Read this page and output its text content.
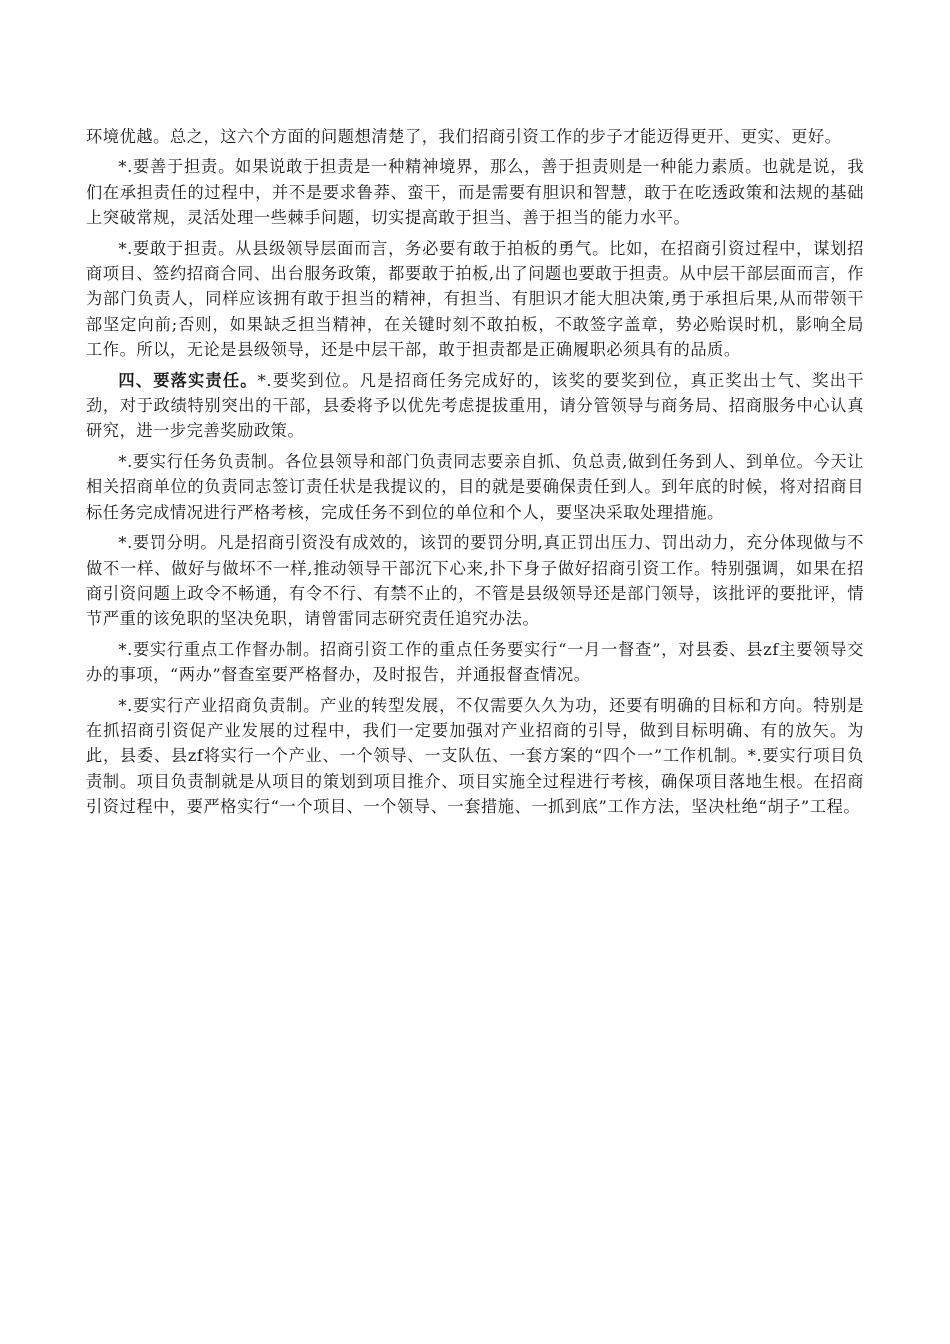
环境优越。总之，这六个方面的问题想清楚了，我们招商引资工作的步子才能迈得更开、更实、更好。

*.要善于担责。如果说敢于担责是一种精神境界，那么，善于担责则是一种能力素质。也就是说，我们在承担责任的过程中，并不是要求鲁莽、蛮干，而是需要有胆识和智慧，敢于在吃透政策和法规的基础上突破常规，灵活处理一些棘手问题，切实提高敢于担当、善于担当的能力水平。

*.要敢于担责。从县级领导层面而言，务必要有敢于拍板的勇气。比如，在招商引资过程中，谋划招商项目、签约招商合同、出台服务政策，都要敢于拍板,出了问题也要敢于担责。从中层干部层面而言，作为部门负责人，同样应该拥有敢于担当的精神，有担当、有胆识才能大胆决策,勇于承担后果,从而带领干部坚定向前;否则，如果缺乏担当精神，在关键时刻不敢拍板，不敢签字盖章，势必贻误时机，影响全局工作。所以，无论是县级领导，还是中层干部，敢于担责都是正确履职必须具有的品质。

四、要落实责任。*.要奖到位。凡是招商任务完成好的，该奖的要奖到位，真正奖出士气、奖出干劲，对于政绩特别突出的干部，县委将予以优先考虑提拔重用，请分管领导与商务局、招商服务中心认真研究，进一步完善奖励政策。

*.要实行任务负责制。各位县领导和部门负责同志要亲自抓、负总责,做到任务到人、到单位。今天让相关招商单位的负责同志签订责任状是我提议的，目的就是要确保责任到人。到年底的时候，将对招商目标任务完成情况进行严格考核，完成任务不到位的单位和个人，要坚决采取处理措施。

*.要罚分明。凡是招商引资没有成效的，该罚的要罚分明,真正罚出压力、罚出动力，充分体现做与不做不一样、做好与做坏不一样,推动领导干部沉下心来,扑下身子做好招商引资工作。特别强调，如果在招商引资问题上政令不畅通，有令不行、有禁不止的，不管是县级领导还是部门领导，该批评的要批评，情节严重的该免职的坚决免职，请曾雷同志研究责任追究办法。

*.要实行重点工作督办制。招商引资工作的重点任务要实行“一月一督查”，对县委、县zf主要领导交办的事项，“两办”督查室要严格督办，及时报告，并通报督查情况。

*.要实行产业招商负责制。产业的转型发展，不仅需要久久为功，还要有明确的目标和方向。特别是在抓招商引资促产业发展的过程中，我们一定要加强对产业招商的引导，做到目标明确、有的放矢。为此，县委、县zf将实行一个产业、一个领导、一支队伍、一套方案的“四个一”工作机制。*.要实行项目负责制。项目负责制就是从项目的策划到项目推介、项目实施全过程进行考核，确保项目落地生根。在招商引资过程中，要严格实行“一个项目、一个领导、一套措施、一抓到底”工作方法，坚决杜绝“胡子”工程。
